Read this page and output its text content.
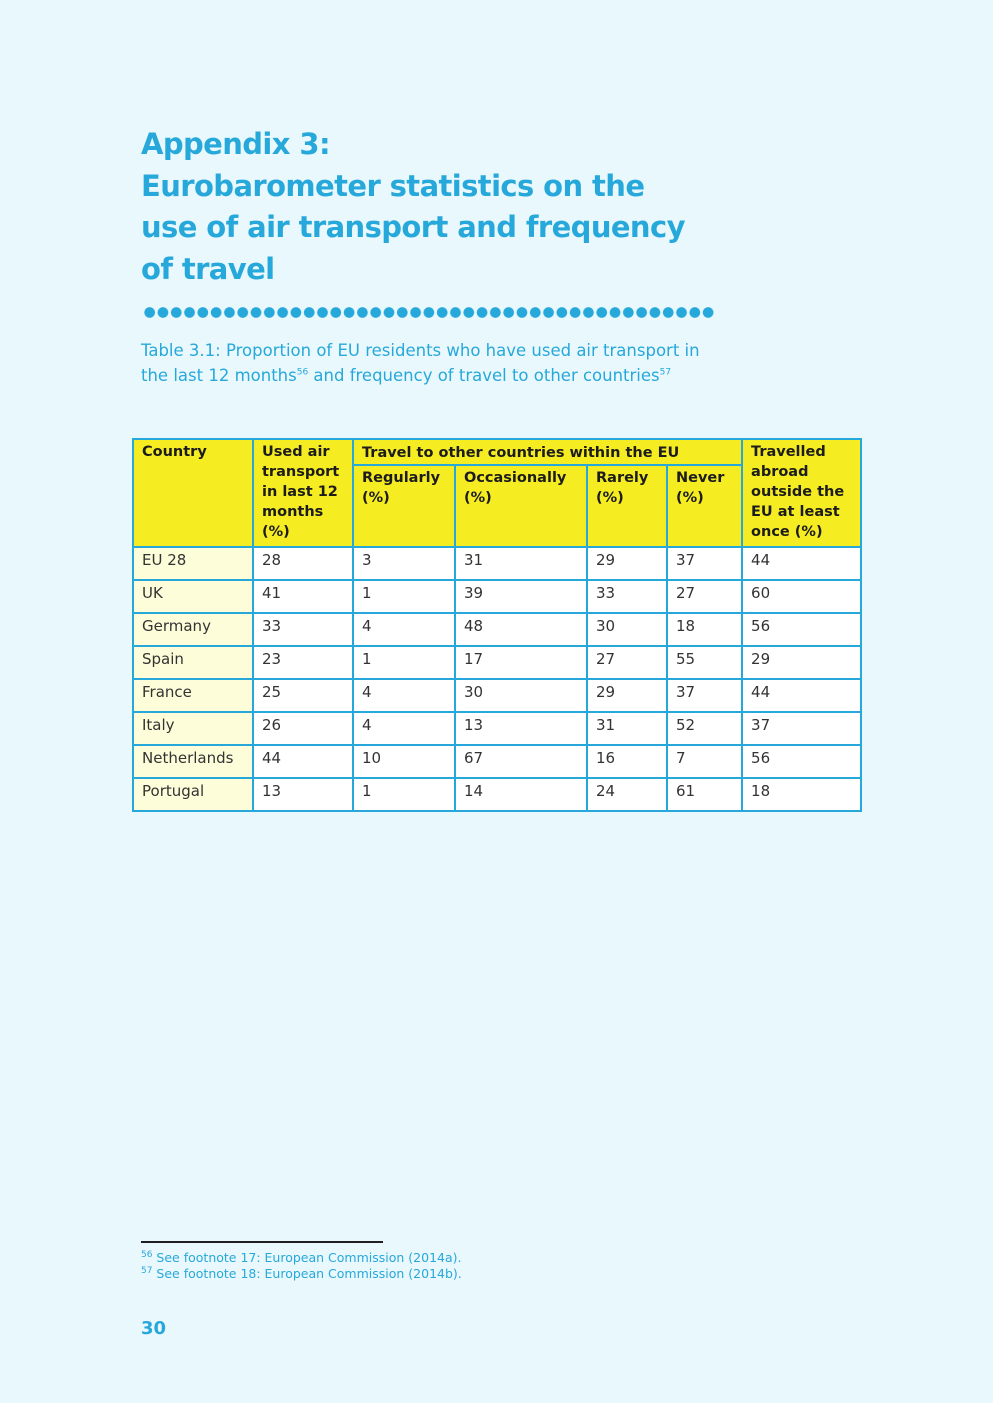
Appendix 3:
Eurobarometer statistics on the
use of air transport and frequency
of travel

Table 3.1: Proportion of EU residents who have used air transport in the last 12 months$^{56}$ and frequency of travel to other countries$^{57}$

Country	Used air transport in last 12 months (%)	Travel to other countries within the EU				Travelled abroad outside the EU at least once (%)
		Regularly (%)	Occasionally (%)	Rarely (%)	Never (%)	
EU 28	28	3	31	29	37	44
UK	41	1	39	33	27	60
Germany	33	4	48	30	18	56
Spain	23	1	17	27	55	29
France	25	4	30	29	37	44
Italy	26	4	13	31	52	37
Netherlands	44	10	67	16	7	56
Portugal	13	1	14	24	61	18
$^{56}$ See footnote 17: European Commission (2014a).
$^{57}$ See footnote 18: European Commission (2014b).
30
